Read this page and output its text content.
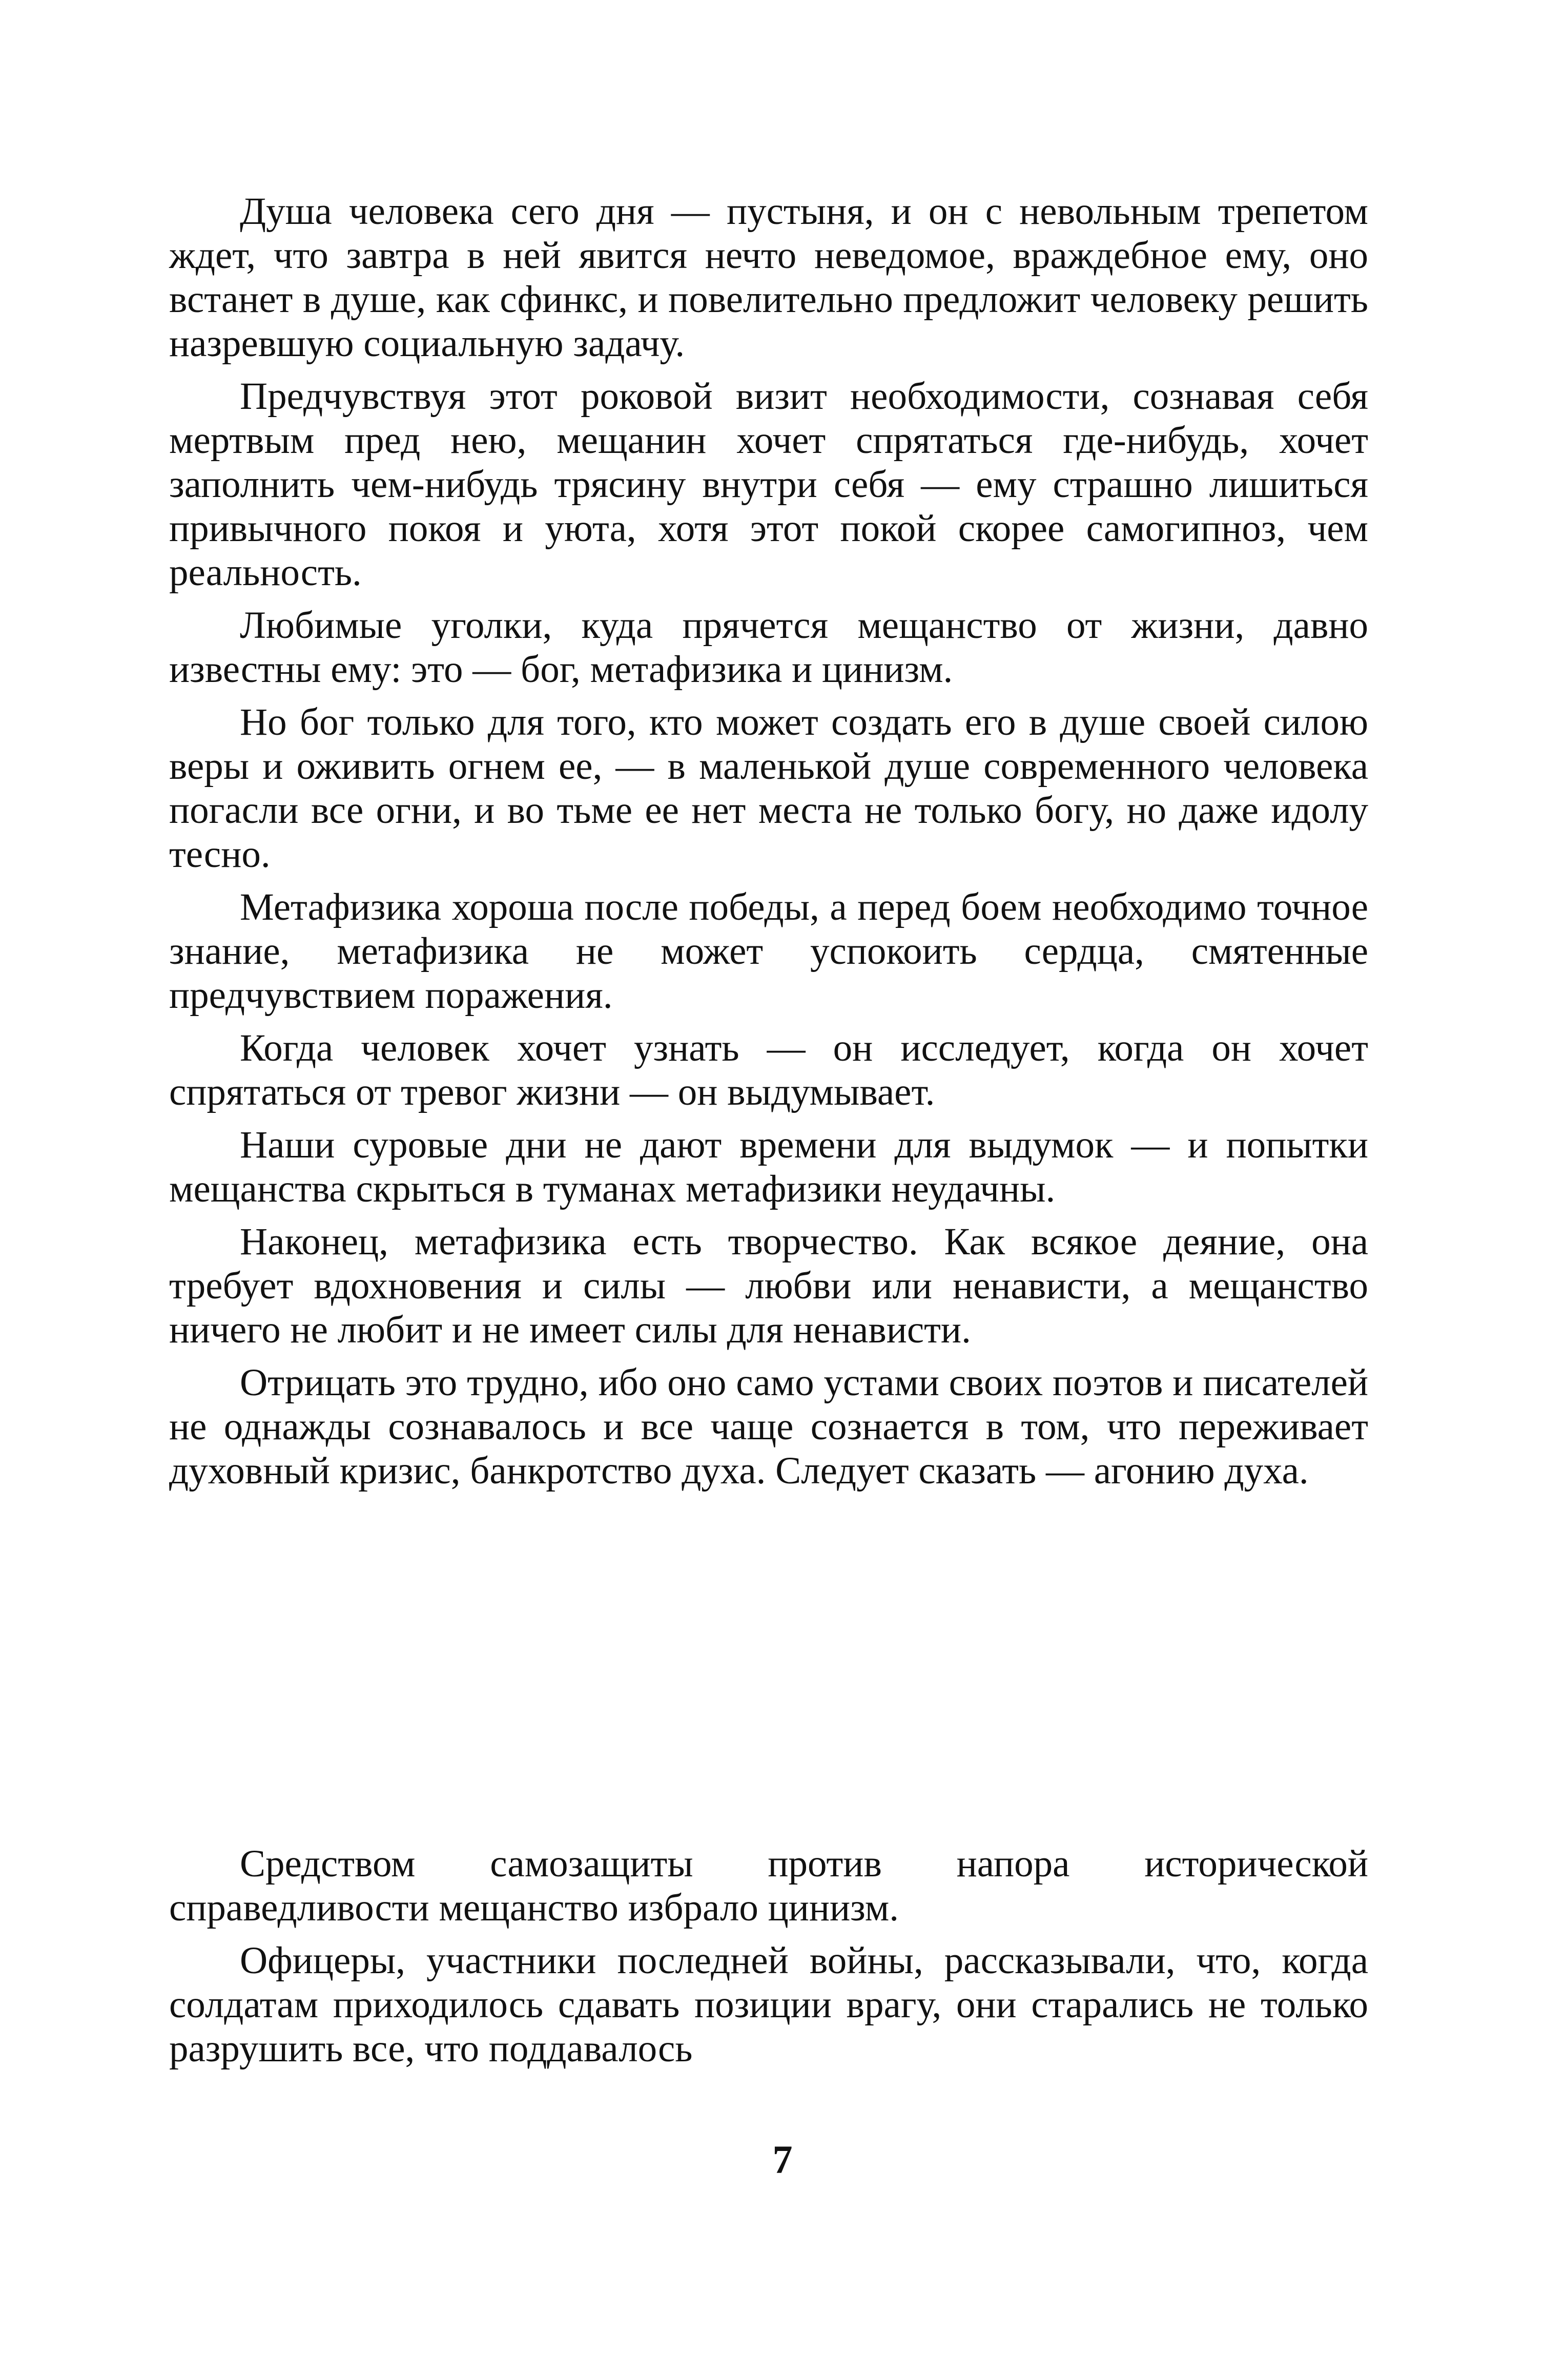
Душа человека сего дня — пустыня, и он с невольным трепетом ждет, что завтра в ней явится нечто неведомое, враждебное ему, оно встанет в душе, как сфинкс, и повелительно предложит человеку решить назревшую социальную задачу.

Предчувствуя этот роковой визит необходимости, сознавая себя мертвым пред нею, мещанин хочет спрятаться где-нибудь, хочет заполнить чем-нибудь трясину внутри себя — ему страшно лишиться привычного покоя и уюта, хотя этот покой скорее самогипноз, чем реальность.

Любимые уголки, куда прячется мещанство от жизни, давно известны ему: это — бог, метафизика и цинизм.

Но бог только для того, кто может создать его в душе своей силою веры и оживить огнем ее, — в маленькой душе современного человека погасли все огни, и во тьме ее нет места не только богу, но даже идолу тесно.

Метафизика хороша после победы, а перед боем необходимо точное знание, метафизика не может успокоить сердца, смятенные предчувствием поражения.

Когда человек хочет узнать — он исследует, когда он хочет спрятаться от тревог жизни — он выдумывает.

Наши суровые дни не дают времени для выдумок — и попытки мещанства скрыться в туманах метафизики неудачны.

Наконец, метафизика есть творчество. Как всякое деяние, она требует вдохновения и силы — любви или ненависти, а мещанство ничего не любит и не имеет силы для ненависти.

Отрицать это трудно, ибо оно само устами своих поэтов и писателей не однажды сознавалось и все чаще сознается в том, что переживает духовный кризис, банкротство духа. Следует сказать — агонию духа.

Средством самозащиты против напора исторической справедливости мещанство избрало цинизм.

Офицеры, участники последней войны, рассказывали, что, когда солдатам приходилось сдавать позиции врагу, они старались не только разрушить все, что поддавалось

7
